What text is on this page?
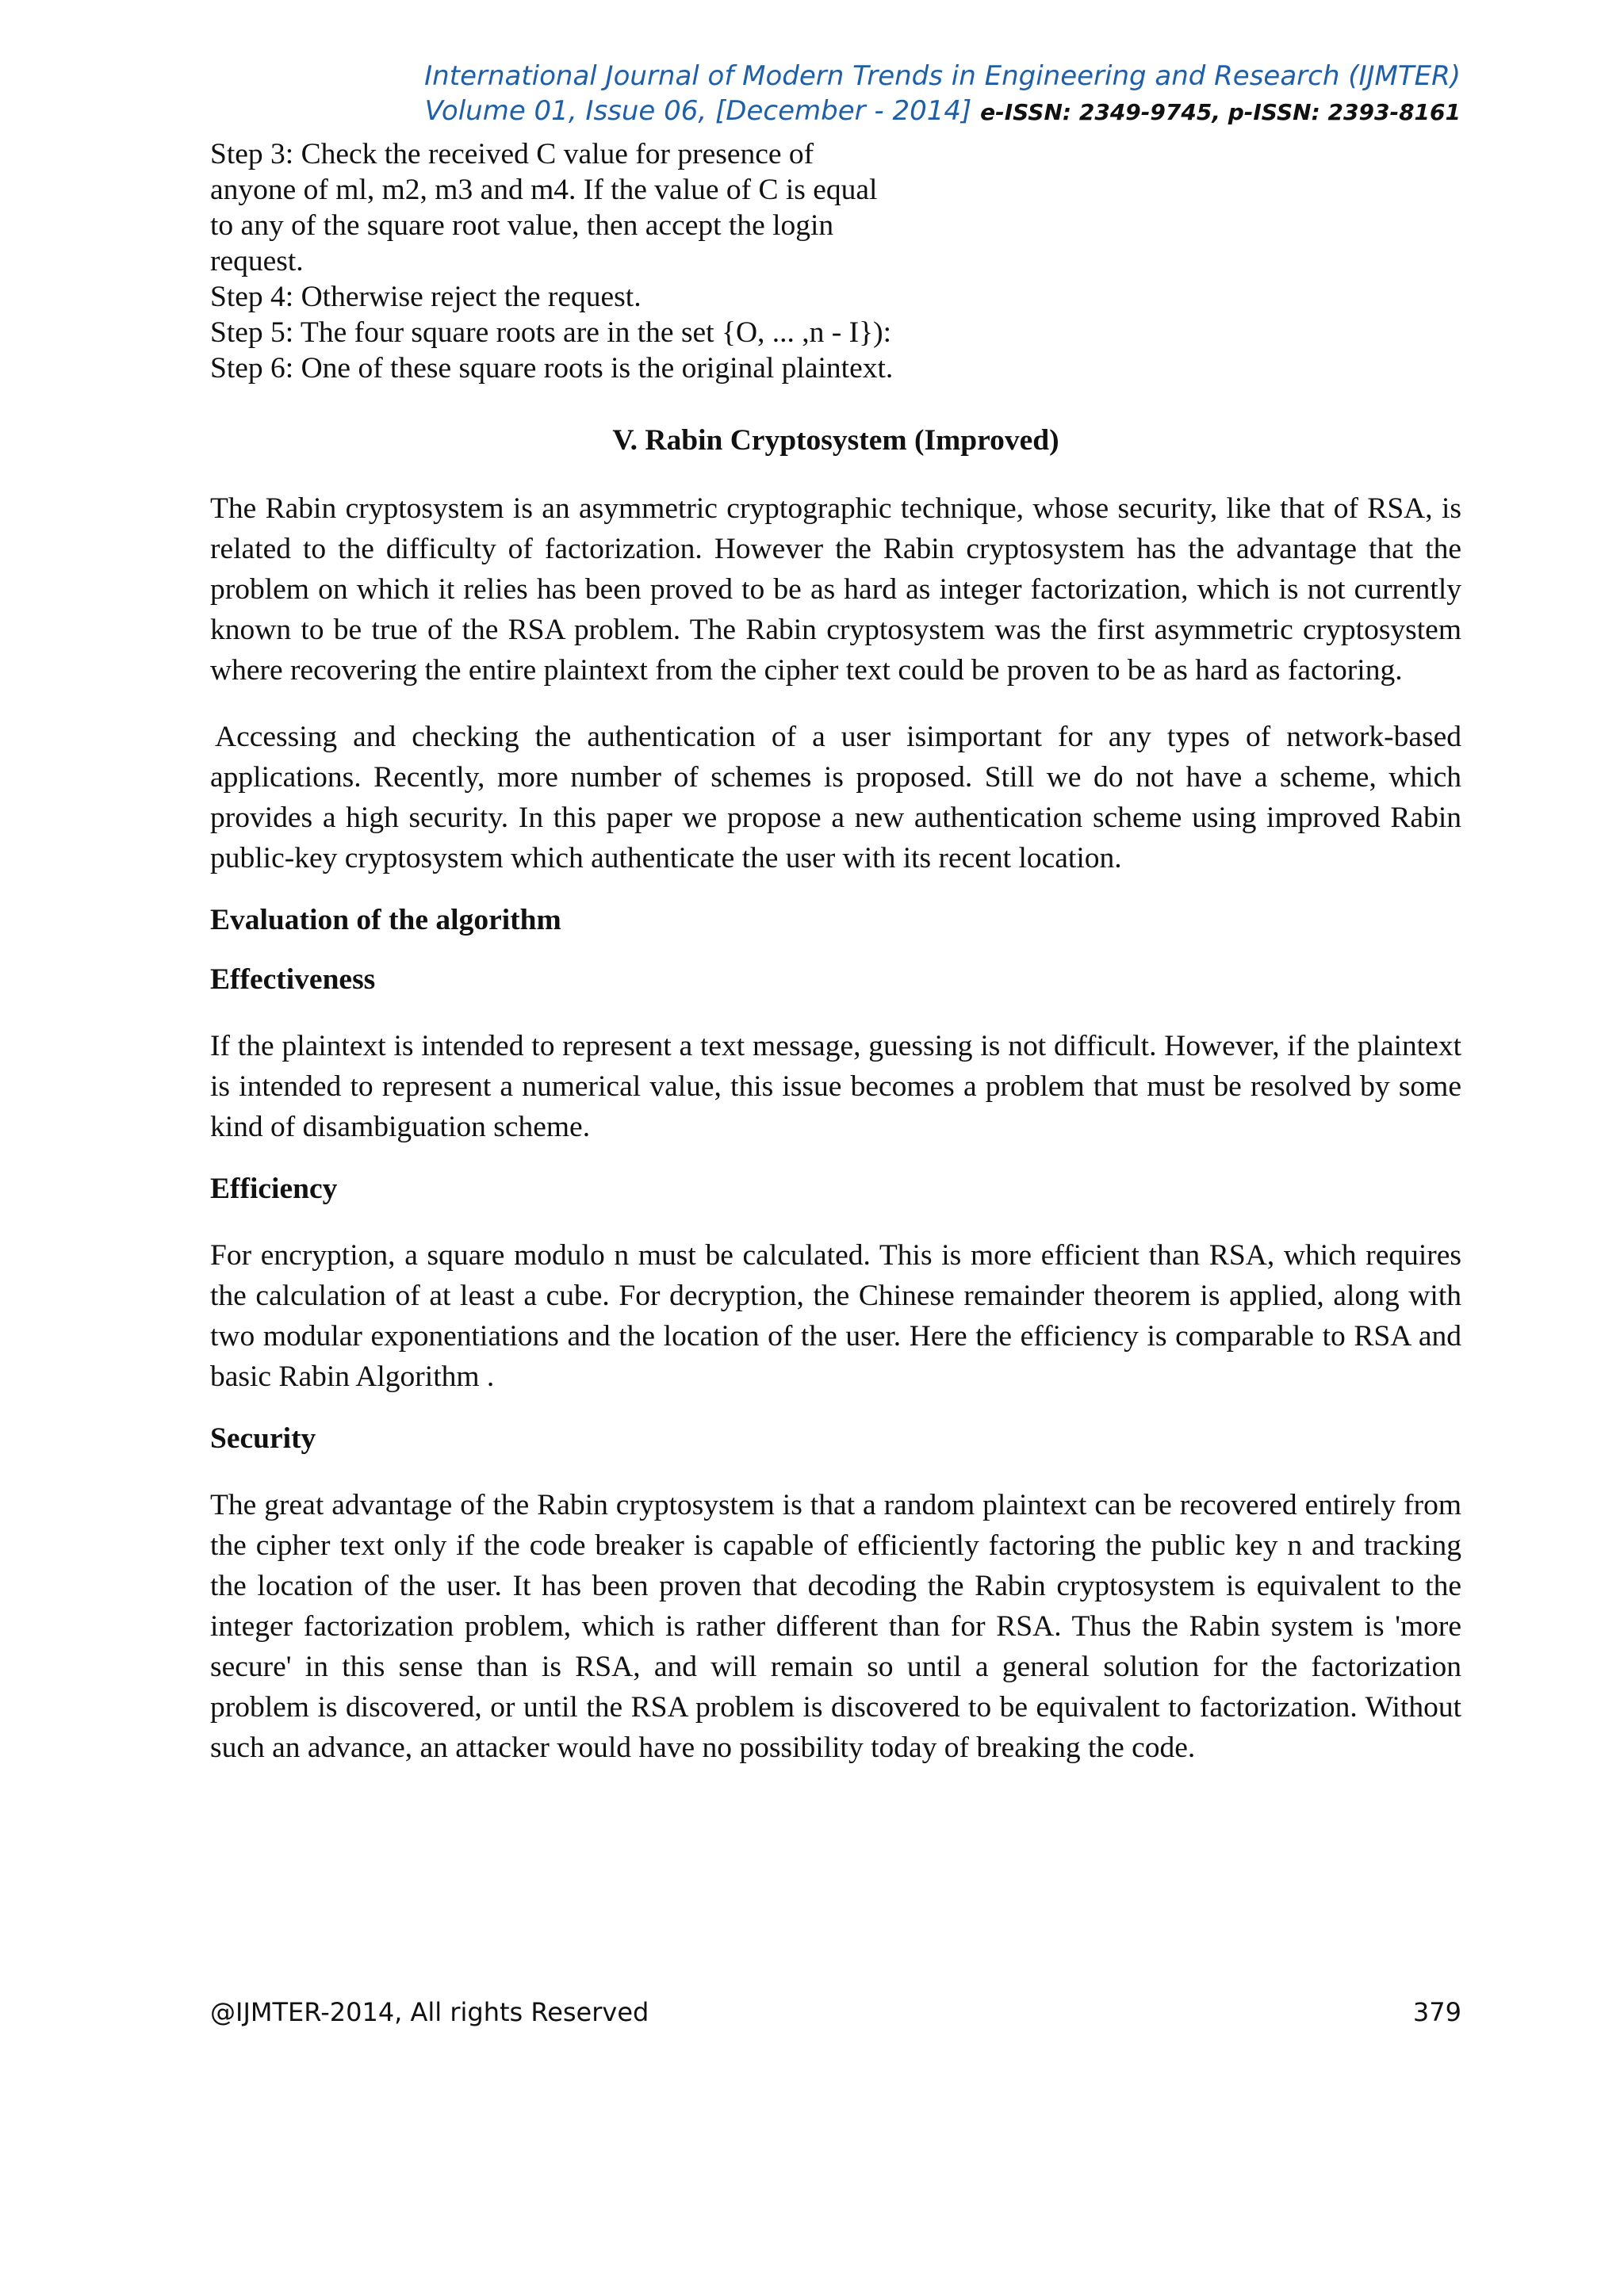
International Journal of Modern Trends in Engineering and Research (IJMTER)
Volume 01, Issue 06, [December - 2014] e-ISSN: 2349-9745, p-ISSN: 2393-8161
Step 3: Check the received C value for presence of
anyone of ml, m2, m3 and m4. If the value of C is equal
to any of the square root value, then accept the login
request.
Step 4: Otherwise reject the request.
Step 5: The four square roots are in the set {O, ... ,n - I}):
Step 6: One of these square roots is the original plaintext.
V. Rabin Cryptosystem (Improved)

The Rabin cryptosystem is an asymmetric cryptographic technique, whose security, like that of RSA, is related to the difficulty of factorization. However the Rabin cryptosystem has the advantage that the problem on which it relies has been proved to be as hard as integer factorization, which is not currently known to be true of the RSA problem. The Rabin cryptosystem was the first asymmetric cryptosystem where recovering the entire plaintext from the cipher text could be proven to be as hard as factoring.

Accessing and checking the authentication of a user isimportant for any types of network-based applications. Recently, more number of schemes is proposed. Still we do not have a scheme, which provides a high security. In this paper we propose a new authentication scheme using improved Rabin public-key cryptosystem which authenticate the user with its recent location.

Evaluation of the algorithm
Effectiveness

If the plaintext is intended to represent a text message, guessing is not difficult. However, if the plaintext is intended to represent a numerical value, this issue becomes a problem that must be resolved by some kind of disambiguation scheme.

Efficiency

For encryption, a square modulo n must be calculated. This is more efficient than RSA, which requires the calculation of at least a cube. For decryption, the Chinese remainder theorem is applied, along with two modular exponentiations and the location of the user. Here the efficiency is comparable to RSA and basic Rabin Algorithm .

Security

The great advantage of the Rabin cryptosystem is that a random plaintext can be recovered entirely from the cipher text only if the code breaker is capable of efficiently factoring the public key n and tracking the location of the user. It has been proven that decoding the Rabin cryptosystem is equivalent to the integer factorization problem, which is rather different than for RSA. Thus the Rabin system is 'more secure' in this sense than is RSA, and will remain so until a general solution for the factorization problem is discovered, or until the RSA problem is discovered to be equivalent to factorization. Without such an advance, an attacker would have no possibility today of breaking the code.

@IJMTER-2014, All rights Reserved	379
